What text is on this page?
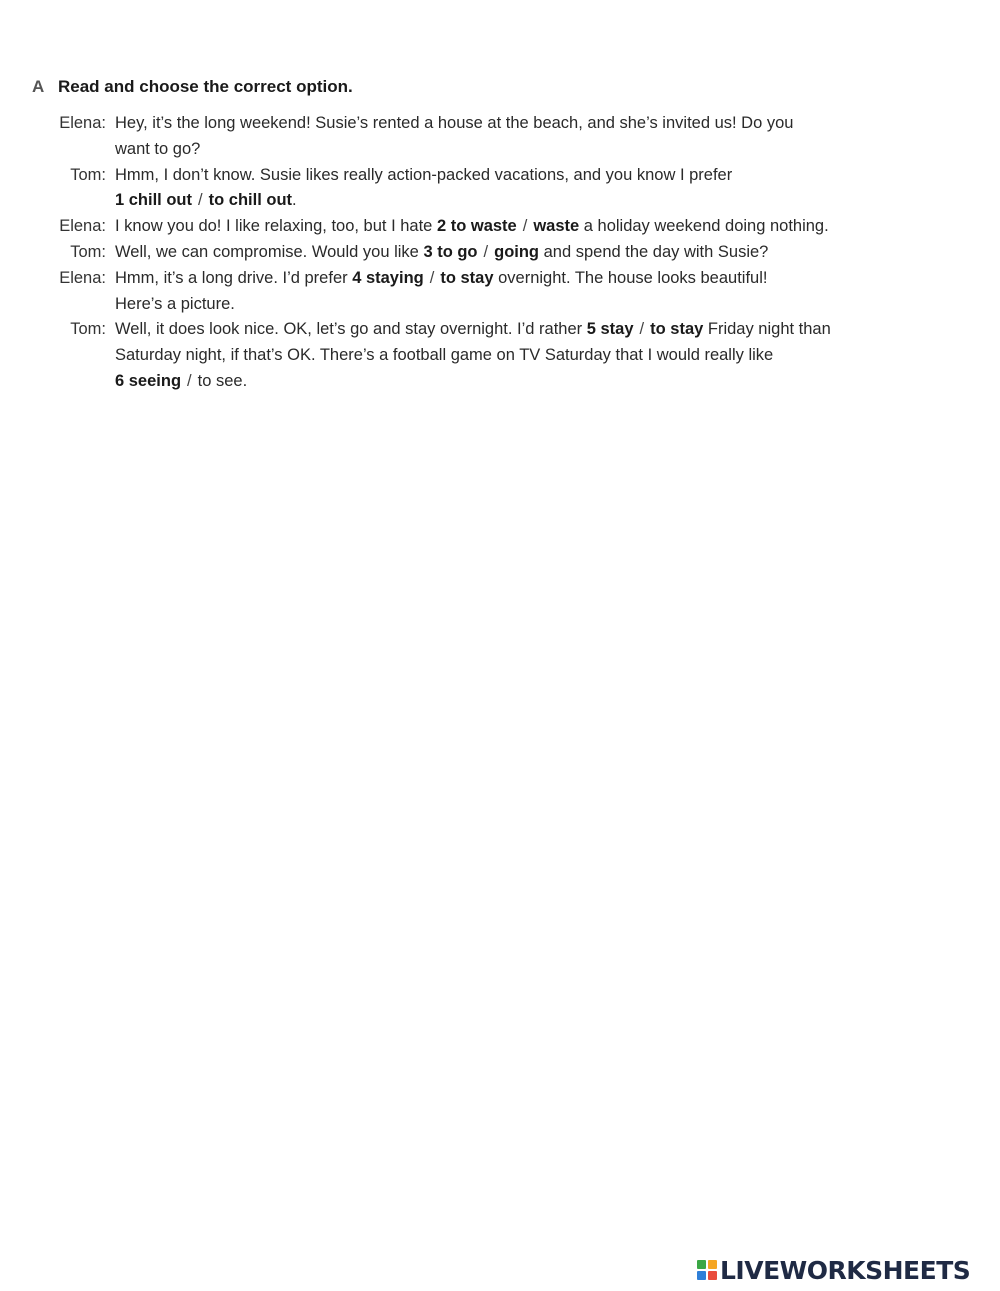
A Read and choose the correct option.
Elena: Hey, it’s the long weekend! Susie’s rented a house at the beach, and she’s invited us! Do you
want to go?
Tom: Hmm, I don’t know. Susie likes really action-packed vacations, and you know I prefer
1 chill out / to chill out.
Elena: I know you do! I like relaxing, too, but I hate 2 to waste / waste a holiday weekend doing nothing.
Tom: Well, we can compromise. Would you like 3 to go / going and spend the day with Susie?
Elena: Hmm, it’s a long drive. I’d prefer 4 staying / to stay overnight. The house looks beautiful!
Here’s a picture.
Tom: Well, it does look nice. OK, let’s go and stay overnight. I’d rather 5 stay / to stay Friday night than
Saturday night, if that’s OK. There’s a football game on TV Saturday that I would really like
6 seeing / to see.
LIVEWORKSHEETS
